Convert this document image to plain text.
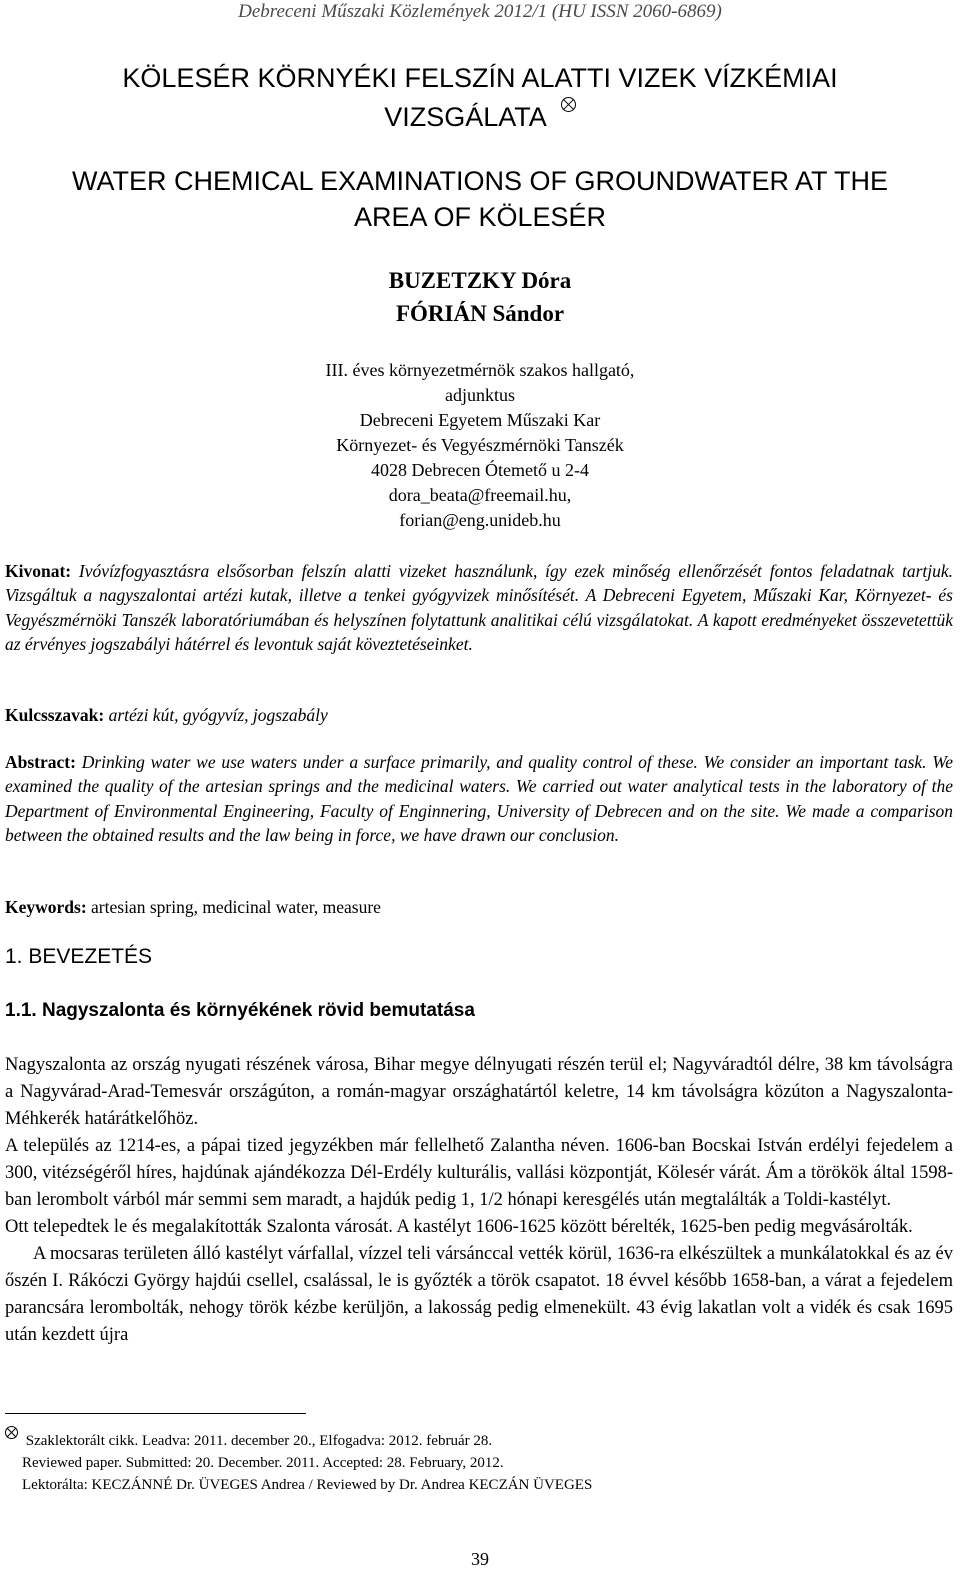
Debreceni Műszaki Közlemények 2012/1 (HU ISSN 2060-6869)
KÖLESÉR KÖRNYÉKI FELSZÍN ALATTI VIZEK VÍZKÉMIAI
VIZSGÁLATA
WATER CHEMICAL EXAMINATIONS OF GROUNDWATER AT THE
AREA OF KÖLESÉR
BUZETZKY Dóra
FÓRIÁN Sándor
III. éves környezetmérnök szakos hallgató,
adjunktus
Debreceni Egyetem Műszaki Kar
Környezet- és Vegyészmérnöki Tanszék
4028 Debrecen Ótemető u 2-4
dora_beata@freemail.hu,
forian@eng.unideb.hu
Kivonat: Ivóvízfogyasztásra elsősorban felszín alatti vizeket használunk, így ezek minőség ellenőrzését fontos feladatnak tartjuk. Vizsgáltuk a nagyszalontai artézi kutak, illetve a tenkei gyógyvizek minősítését. A Debreceni Egyetem, Műszaki Kar, Környezet- és Vegyészmérnöki Tanszék laboratóriumában és helyszínen folytattunk analitikai célú vizsgálatokat. A kapott eredményeket összevetettük az érvényes jogszabályi hátérrel és levontuk saját köveztetéseinket.
Kulcsszavak: artézi kút, gyógyvíz, jogszabály
Abstract: Drinking water we use waters under a surface primarily, and quality control of these. We consider an important task. We examined the quality of the artesian springs and the medicinal waters. We carried out water analytical tests in the laboratory of the Department of Environmental Engineering, Faculty of Enginnering, University of Debrecen and on the site. We made a comparison between the obtained results and the law being in force, we have drawn our conclusion.
Keywords: artesian spring, medicinal water, measure
1. BEVEZETÉS
1.1. Nagyszalonta és környékének rövid bemutatása

Nagyszalonta az ország nyugati részének városa, Bihar megye délnyugati részén terül el; Nagyváradtól délre, 38 km távolságra a Nagyvárad-Arad-Temesvár országúton, a román-magyar országhatártól keletre, 14 km távolságra közúton a Nagyszalonta-Méhkerék határátkelőhöz.

A település az 1214-es, a pápai tized jegyzékben már fellelhető Zalantha néven. 1606-ban Bocskai István erdélyi fejedelem a 300, vitézségéről híres, hajdúnak ajándékozza Dél-Erdély kulturális, vallási központját, Kölesér várát. Ám a törökök által 1598-ban lerombolt várból már semmi sem maradt, a hajdúk pedig 1, 1/2 hónapi keresgélés után megtalálták a Toldi-kastélyt.

Ott telepedtek le és megalakították Szalonta városát. A kastélyt 1606-1625 között bérelték, 1625-ben pedig megvásárolták.

A mocsaras területen álló kastélyt várfallal, vízzel teli vársánccal vették körül, 1636-ra elkészültek a munkálatokkal és az év őszén I. Rákóczi György hajdúi csellel, csalással, le is győzték a török csapatot. 18 évvel később 1658-ban, a várat a fejedelem parancsára lerombolták, nehogy török kézbe kerüljön, a lakosság pedig elmenekült. 43 évig lakatlan volt a vidék és csak 1695 után kezdett újra

Szaklektorált cikk. Leadva: 2011. december 20., Elfogadva: 2012. február 28.
Reviewed paper. Submitted: 20. December. 2011. Accepted: 28. February, 2012.
Lektorálta: KECZÁNNÉ Dr. ÜVEGES Andrea / Reviewed by Dr. Andrea KECZÁN ÜVEGES
39
